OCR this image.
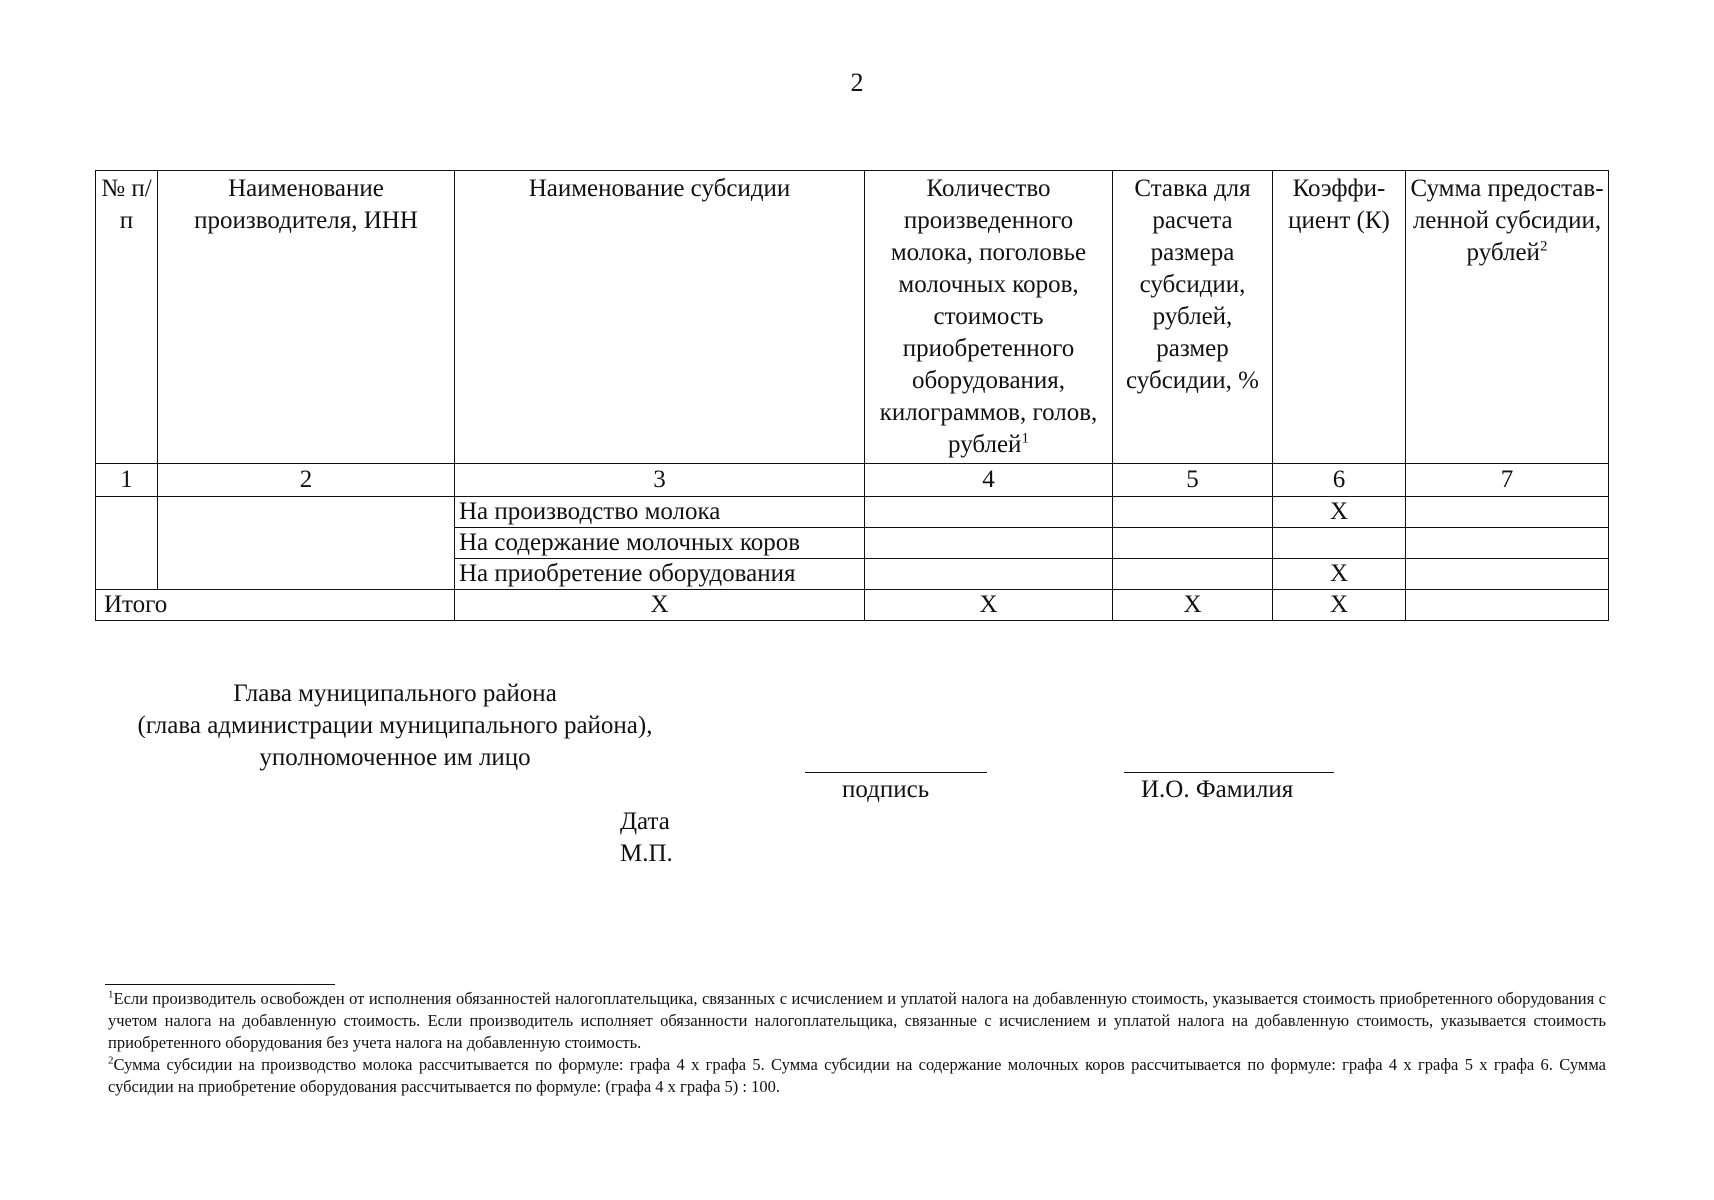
2
№ п/п	Наименование производителя, ИНН	Наименование субсидии	Количество произведенного молока, поголовье молочных коров, стоимость приобретенного оборудования, килограммов, голов, рублей$^1$	Ставка для расчета размера субсидии, рублей, размер субсидии, %	Коэффи-циент (К)	Сумма предостав-ленной субсидии, рублей$^2$
1	2	3	4	5	6	7
		На производство молока			Х	
		На содержание молочных коров				
		На приобретение оборудования			Х	
Итого		Х	Х	Х	Х	
Глава муниципального района
(глава администрации муниципального района),
уполномоченное им лицо
подпись	И.О. Фамилия
Дата
М.П.

$^1$Если производитель освобожден от исполнения обязанностей налогоплательщика, связанных с исчислением и уплатой налога на добавленную стоимость, указывается стоимость приобретенного оборудования с учетом налога на добавленную стоимость. Если производитель исполняет обязанности налогоплательщика, связанные с исчислением и уплатой налога на добавленную стоимость, указывается стоимость приобретенного оборудования без учета налога на добавленную стоимость.

$^2$Сумма субсидии на производство молока рассчитывается по формуле: графа 4 х графа 5. Сумма субсидии на содержание молочных коров рассчитывается по формуле: графа 4 х графа 5 х графа 6. Сумма субсидии на приобретение оборудования рассчитывается по формуле: (графа 4 х графа 5) : 100.
